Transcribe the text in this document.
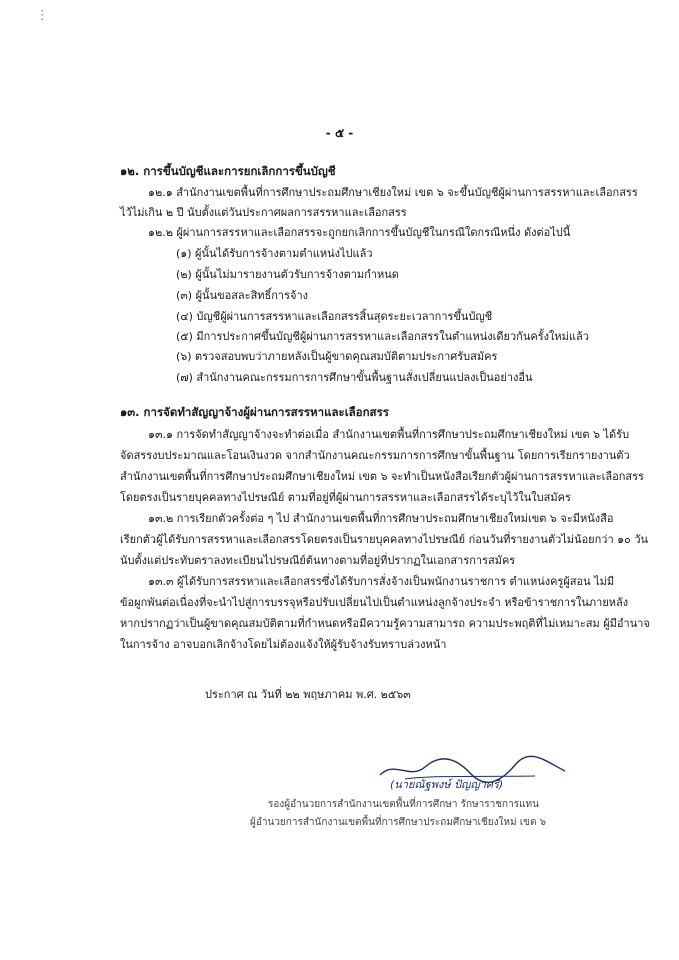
ⵗ
- ๕ -
๑๒. การขึ้นบัญชีและการยกเลิกการขึ้นบัญชี
๑๒.๑ สำนักงานเขตพื้นที่การศึกษาประถมศึกษาเชียงใหม่ เขต ๖ จะขึ้นบัญชีผู้ผ่านการสรรหาและเลือกสรร
ไว้ไม่เกิน ๒ ปี นับตั้งแต่วันประกาศผลการสรรหาและเลือกสรร
๑๒.๒ ผู้ผ่านการสรรหาและเลือกสรรจะถูกยกเลิกการขึ้นบัญชีในกรณีใดกรณีหนึ่ง ดังต่อไปนี้
(๑) ผู้นั้นได้รับการจ้างตามตำแหน่งไปแล้ว
(๒) ผู้นั้นไม่มารายงานตัวรับการจ้างตามกำหนด
(๓) ผู้นั้นขอสละสิทธิ์การจ้าง
(๔) บัญชีผู้ผ่านการสรรหาและเลือกสรรสิ้นสุดระยะเวลาการขึ้นบัญชี
(๕) มีการประกาศขึ้นบัญชีผู้ผ่านการสรรหาและเลือกสรรในตำแหน่งเดียวกันครั้งใหม่แล้ว
(๖) ตรวจสอบพบว่าภายหลังเป็นผู้ขาดคุณสมบัติตามประกาศรับสมัคร
(๗) สำนักงานคณะกรรมการการศึกษาขั้นพื้นฐานสั่งเปลี่ยนแปลงเป็นอย่างอื่น
๑๓. การจัดทำสัญญาจ้างผู้ผ่านการสรรหาและเลือกสรร
๑๓.๑ การจัดทำสัญญาจ้างจะทำต่อเมื่อ สำนักงานเขตพื้นที่การศึกษาประถมศึกษาเชียงใหม่ เขต ๖ ได้รับ
จัดสรรงบประมาณและโอนเงินงวด จากสำนักงานคณะกรรมการการศึกษาขั้นพื้นฐาน โดยการเรียกรายงานตัว
สำนักงานเขตพื้นที่การศึกษาประถมศึกษาเชียงใหม่ เขต ๖ จะทำเป็นหนังสือเรียกตัวผู้ผ่านการสรรหาและเลือกสรร
โดยตรงเป็นรายบุคคลทางไปรษณีย์ ตามที่อยู่ที่ผู้ผ่านการสรรหาและเลือกสรรได้ระบุไว้ในใบสมัคร
๑๓.๒ การเรียกตัวครั้งต่อ ๆ ไป สำนักงานเขตพื้นที่การศึกษาประถมศึกษาเชียงใหม่เขต ๖ จะมีหนังสือ
เรียกตัวผู้ได้รับการสรรหาและเลือกสรรโดยตรงเป็นรายบุคคลทางไปรษณีย์ ก่อนวันที่รายงานตัวไม่น้อยกว่า ๑๐ วัน
นับตั้งแต่ประทับตราลงทะเบียนไปรษณีย์ต้นทางตามที่อยู่ที่ปรากฏในเอกสารการสมัคร
๑๓.๓ ผู้ได้รับการสรรหาและเลือกสรรซึ่งได้รับการสั่งจ้างเป็นพนักงานราชการ ตำแหน่งครูผู้สอน ไม่มี
ข้อผูกพันต่อเนื่องที่จะนำไปสู่การบรรจุหรือปรับเปลี่ยนไปเป็นตำแหน่งลูกจ้างประจำ หรือข้าราชการในภายหลัง
หากปรากฏว่าเป็นผู้ขาดคุณสมบัติตามที่กำหนดหรือมีความรู้ความสามารถ ความประพฤติที่ไม่เหมาะสม ผู้มีอำนาจ
ในการจ้าง อาจบอกเลิกจ้างโดยไม่ต้องแจ้งให้ผู้รับจ้างรับทราบล่วงหน้า
ประกาศ ณ วันที่ ๒๒ พฤษภาคม พ.ศ. ๒๕๖๓
(นายณัฐพงษ์ ปัญญาศรี)
รองผู้อำนวยการสำนักงานเขตพื้นที่การศึกษา รักษาราชการแทน
ผู้อำนวยการสำนักงานเขตพื้นที่การศึกษาประถมศึกษาเชียงใหม่ เขต ๖
